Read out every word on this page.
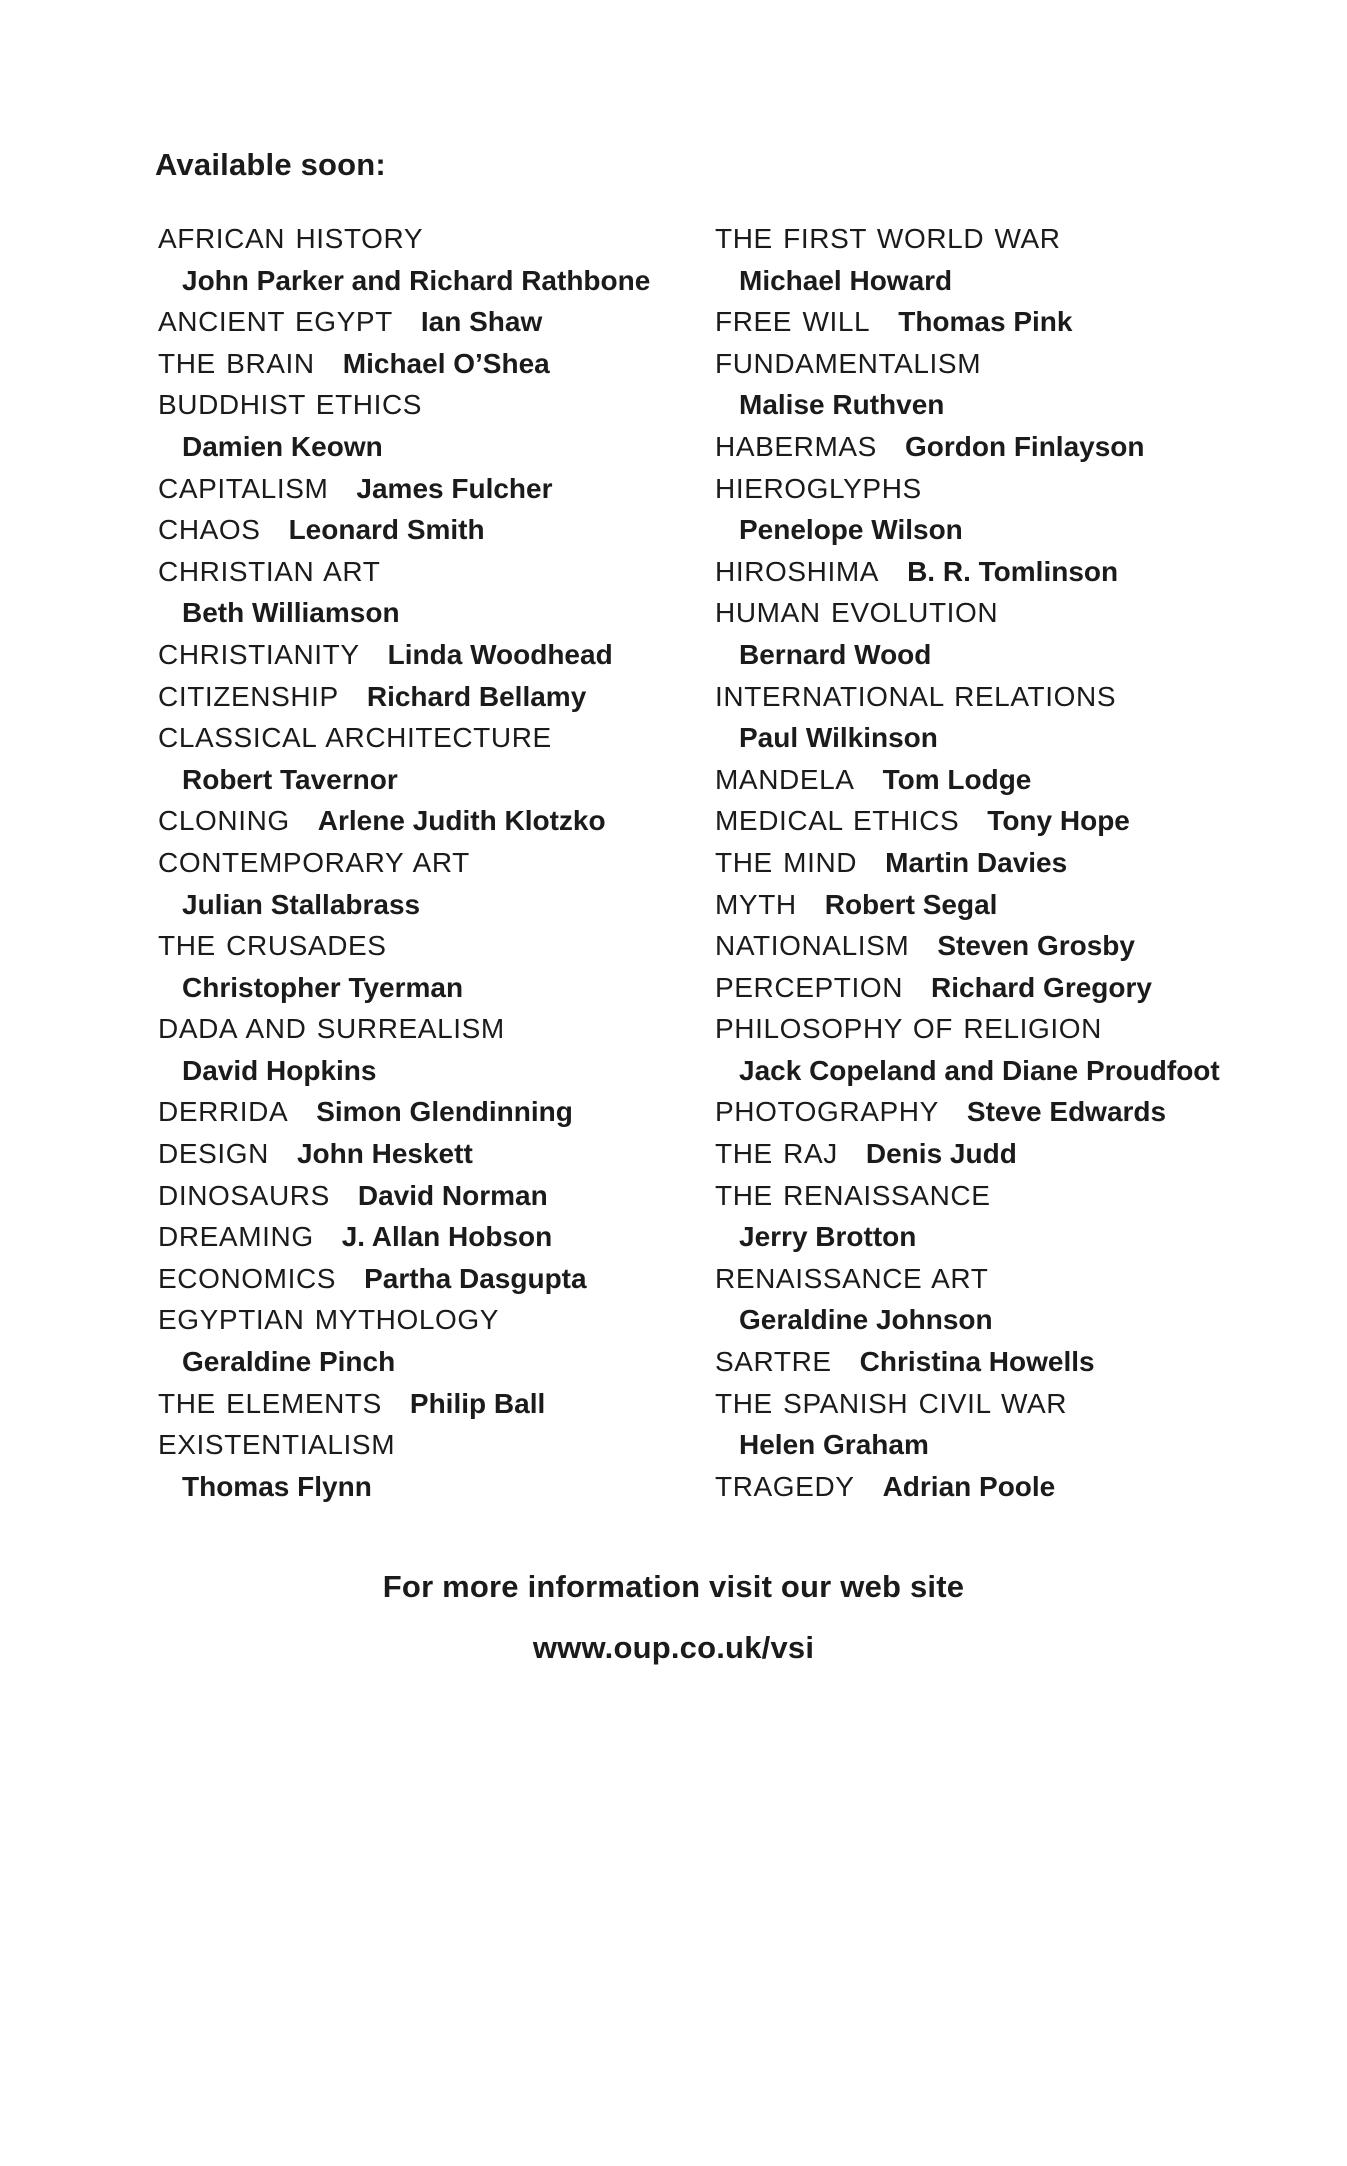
Available soon:
AFRICAN HISTORY
John Parker and Richard Rathbone
ANCIENT EGYPT Ian Shaw
THE BRAIN Michael O’Shea
BUDDHIST ETHICS
Damien Keown
CAPITALISM James Fulcher
CHAOS Leonard Smith
CHRISTIAN ART
Beth Williamson
CHRISTIANITY Linda Woodhead
CITIZENSHIP Richard Bellamy
CLASSICAL ARCHITECTURE
Robert Tavernor
CLONING Arlene Judith Klotzko
CONTEMPORARY ART
Julian Stallabrass
THE CRUSADES
Christopher Tyerman
DADA AND SURREALISM
David Hopkins
DERRIDA Simon Glendinning
DESIGN John Heskett
DINOSAURS David Norman
DREAMING J. Allan Hobson
ECONOMICS Partha Dasgupta
EGYPTIAN MYTHOLOGY
Geraldine Pinch
THE ELEMENTS Philip Ball
EXISTENTIALISM
Thomas Flynn
THE FIRST WORLD WAR
Michael Howard
FREE WILL Thomas Pink
FUNDAMENTALISM
Malise Ruthven
HABERMAS Gordon Finlayson
HIEROGLYPHS
Penelope Wilson
HIROSHIMA B. R. Tomlinson
HUMAN EVOLUTION
Bernard Wood
INTERNATIONAL RELATIONS
Paul Wilkinson
MANDELA Tom Lodge
MEDICAL ETHICS Tony Hope
THE MIND Martin Davies
MYTH Robert Segal
NATIONALISM Steven Grosby
PERCEPTION Richard Gregory
PHILOSOPHY OF RELIGION
Jack Copeland and Diane Proudfoot
PHOTOGRAPHY Steve Edwards
THE RAJ Denis Judd
THE RENAISSANCE
Jerry Brotton
RENAISSANCE ART
Geraldine Johnson
SARTRE Christina Howells
THE SPANISH CIVIL WAR
Helen Graham
TRAGEDY Adrian Poole
For more information visit our web site
www.oup.co.uk/vsi
